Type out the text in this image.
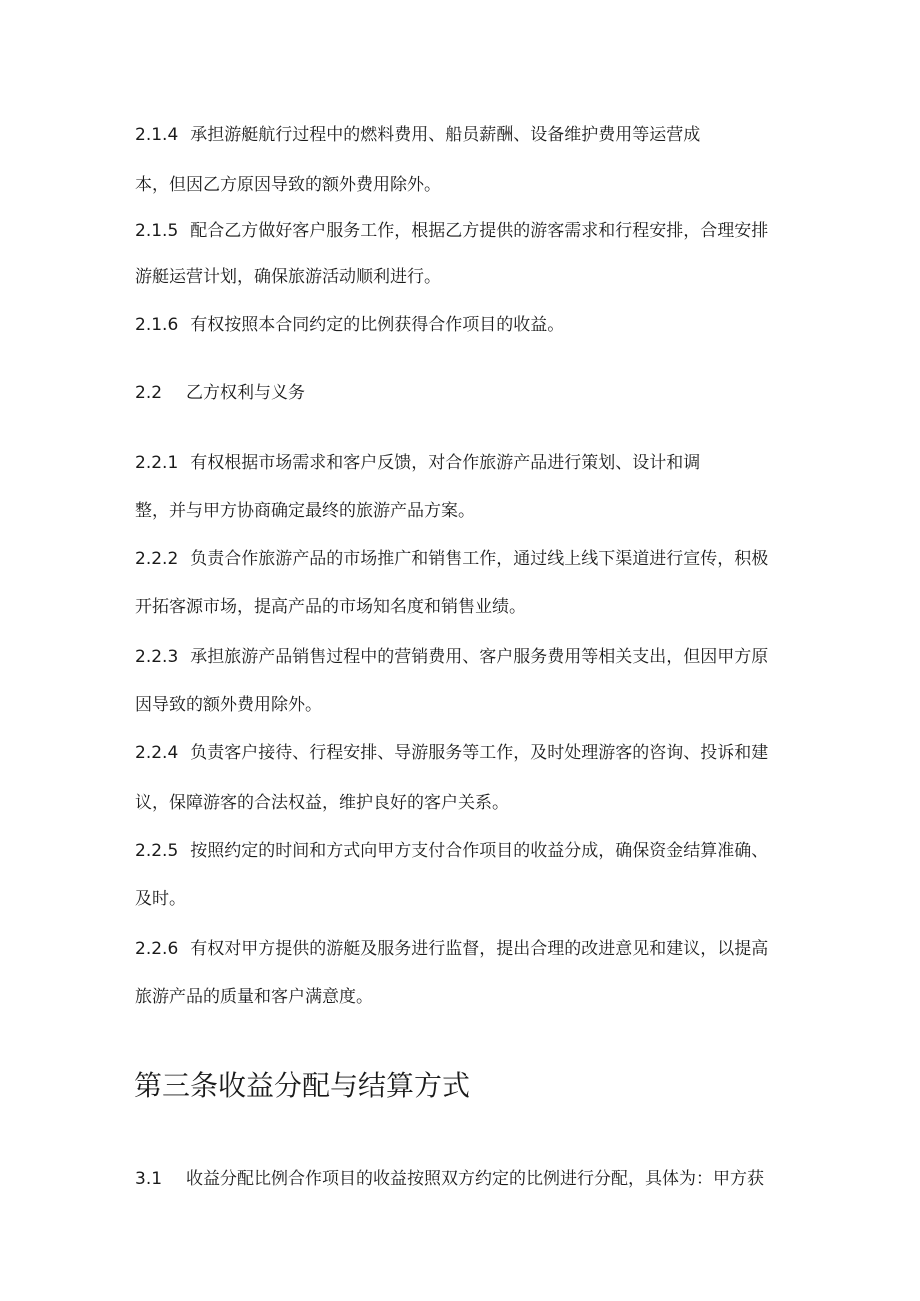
2.1.4 承担游艇航行过程中的燃料费用、船员薪酬、设备维护费用等运营成
本，但因乙方原因导致的额外费用除外。
2.1.5 配合乙方做好客户服务工作，根据乙方提供的游客需求和行程安排，合理安排
游艇运营计划，确保旅游活动顺利进行。
2.1.6 有权按照本合同约定的比例获得合作项目的收益。
2.2 乙方权利与义务
2.2.1 有权根据市场需求和客户反馈，对合作旅游产品进行策划、设计和调
整，并与甲方协商确定最终的旅游产品方案。
2.2.2 负责合作旅游产品的市场推广和销售工作，通过线上线下渠道进行宣传，积极
开拓客源市场，提高产品的市场知名度和销售业绩。
2.2.3 承担旅游产品销售过程中的营销费用、客户服务费用等相关支出，但因甲方原
因导致的额外费用除外。
2.2.4 负责客户接待、行程安排、导游服务等工作，及时处理游客的咨询、投诉和建
议，保障游客的合法权益，维护良好的客户关系。
2.2.5 按照约定的时间和方式向甲方支付合作项目的收益分成，确保资金结算准确、
及时。
2.2.6 有权对甲方提供的游艇及服务进行监督，提出合理的改进意见和建议，以提高
旅游产品的质量和客户满意度。
第三条收益分配与结算方式
3.1 收益分配比例合作项目的收益按照双方约定的比例进行分配，具体为：甲方获
